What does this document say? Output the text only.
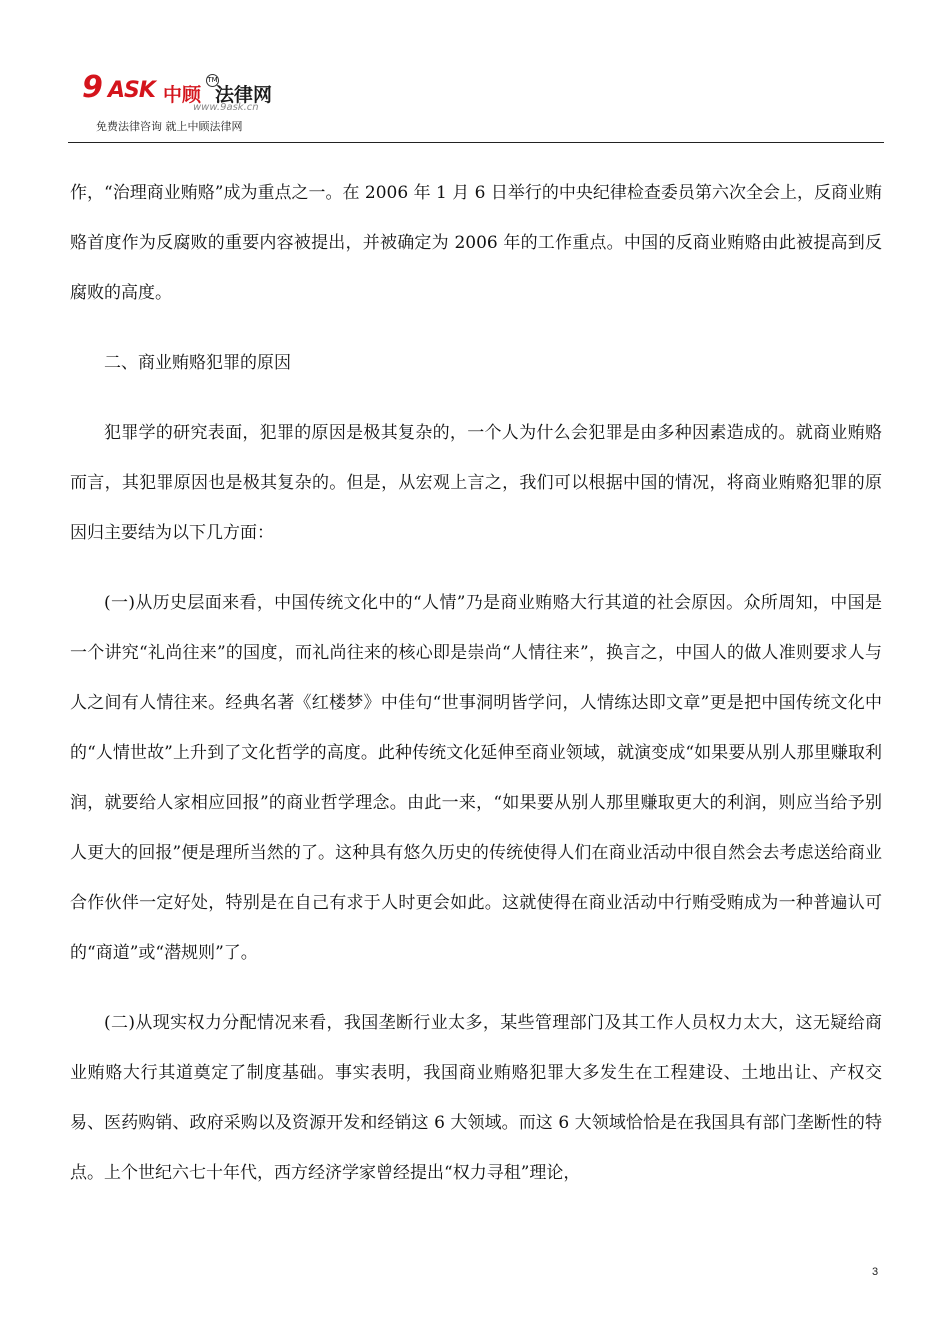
9 ASK 中顾
TM
法律网
www.9ask.cn
免费法律咨询 就上中顾法律网

作，“治理商业贿赂”成为重点之一。在 2006 年 1 月 6 日举行的中央纪律检查委员第六次全会上，反商业贿赂首度作为反腐败的重要内容被提出，并被确定为 2006 年的工作重点。中国的反商业贿赂由此被提高到反腐败的高度。

二、商业贿赂犯罪的原因

犯罪学的研究表面，犯罪的原因是极其复杂的，一个人为什么会犯罪是由多种因素造成的。就商业贿赂而言，其犯罪原因也是极其复杂的。但是，从宏观上言之，我们可以根据中国的情况，将商业贿赂犯罪的原因归主要结为以下几方面：

(一)从历史层面来看，中国传统文化中的“人情”乃是商业贿赂大行其道的社会原因。众所周知，中国是一个讲究“礼尚往来”的国度，而礼尚往来的核心即是崇尚“人情往来”，换言之，中国人的做人准则要求人与人之间有人情往来。经典名著《红楼梦》中佳句“世事洞明皆学问，人情练达即文章”更是把中国传统文化中的“人情世故”上升到了文化哲学的高度。此种传统文化延伸至商业领域，就演变成“如果要从别人那里赚取利润，就要给人家相应回报”的商业哲学理念。由此一来，“如果要从别人那里赚取更大的利润，则应当给予别人更大的回报”便是理所当然的了。这种具有悠久历史的传统使得人们在商业活动中很自然会去考虑送给商业合作伙伴一定好处，特别是在自己有求于人时更会如此。这就使得在商业活动中行贿受贿成为一种普遍认可的“商道”或“潜规则”了。

(二)从现实权力分配情况来看，我国垄断行业太多，某些管理部门及其工作人员权力太大，这无疑给商业贿赂大行其道奠定了制度基础。事实表明，我国商业贿赂犯罪大多发生在工程建设、土地出让、产权交易、医药购销、政府采购以及资源开发和经销这 6 大领域。而这 6 大领域恰恰是在我国具有部门垄断性的特点。上个世纪六七十年代，西方经济学家曾经提出“权力寻租”理论，

3
